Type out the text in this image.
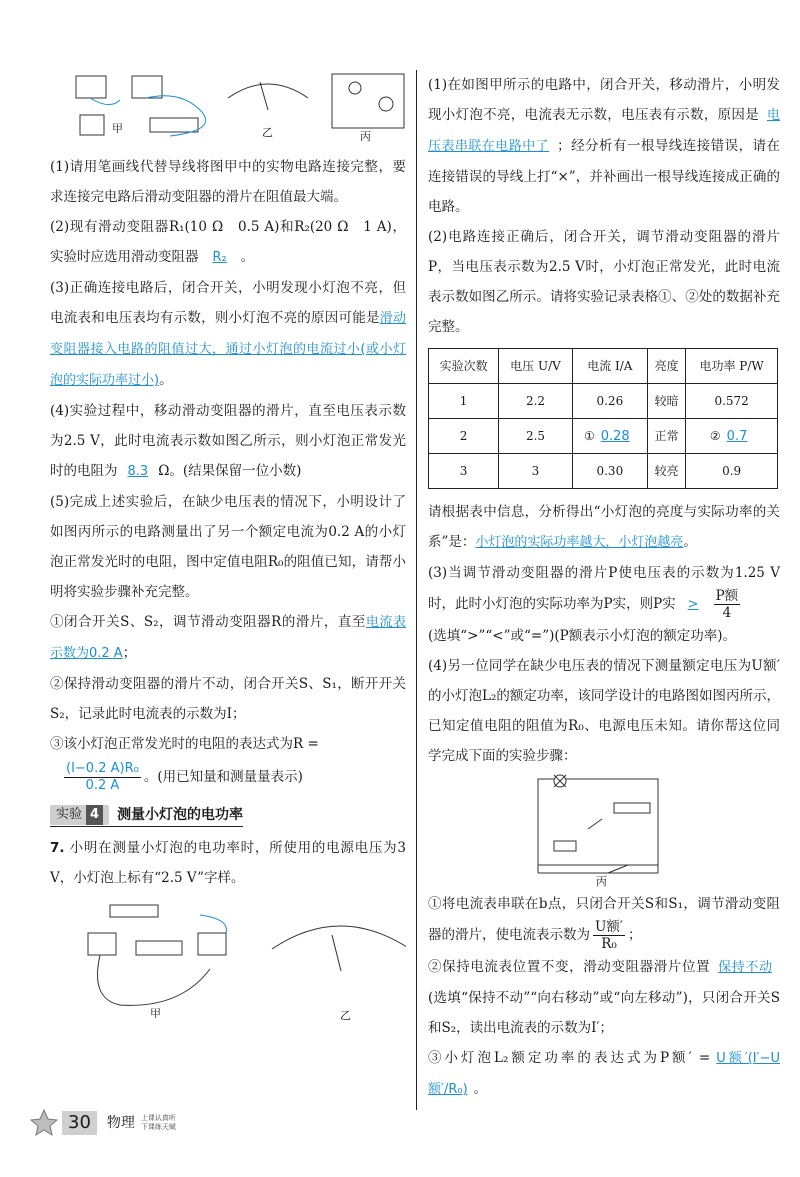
甲	乙	丙

(1)请用笔画线代替导线将图甲中的实物电路连接完整，要求连接完电路后滑动变阻器的滑片在阻值最大端。

(2)现有滑动变阻器R₁(10 Ω　0.5 A)和R₂(20 Ω　1 A)，实验时应选用滑动变阻器 R₂ 。

(3)正确连接电路后，闭合开关，小明发现小灯泡不亮，但电流表和电压表均有示数，则小灯泡不亮的原因可能是滑动变阻器接入电路的阻值过大，通过小灯泡的电流过小(或小灯泡的实际功率过小)。

(4)实验过程中，移动滑动变阻器的滑片，直至电压表示数为2.5 V，此时电流表示数如图乙所示，则小灯泡正常发光时的电阻为 8.3 Ω。(结果保留一位小数)

(5)完成上述实验后，在缺少电压表的情况下，小明设计了如图丙所示的电路测量出了另一个额定电流为0.2 A的小灯泡正常发光时的电阻，图中定值电阻R₀的阻值已知，请帮小明将实验步骤补充完整。

①闭合开关S、S₂，调节滑动变阻器R的滑片，直至电流表示数为0.2 A；

②保持滑动变阻器的滑片不动，闭合开关S、S₁，断开开关S₂，记录此时电流表的示数为I；

③该小灯泡正常发光时的电阻的表达式为R =

$\frac{\text{(I−0.2 A)R₀}}{0.2 A}$ 。(用已知量和测量量表示)

实验 4	测量小灯泡的电功率

7. 小明在测量小灯泡的电功率时，所使用的电源电压为3 V，小灯泡上标有“2.5 V”字样。

甲	乙

(1)在如图甲所示的电路中，闭合开关，移动滑片，小明发现小灯泡不亮，电流表无示数，电压表有示数，原因是 电压表串联在电路中了 ；经分析有一根导线连接错误，请在连接错误的导线上打“×”，并补画出一根导线连接成正确的电路。

(2)电路连接正确后，闭合开关，调节滑动变阻器的滑片P，当电压表示数为2.5 V时，小灯泡正常发光，此时电流表示数如图乙所示。请将实验记录表格①、②处的数据补充完整。

实验次数	电压 U/V	电流 I/A	亮度	电功率 P/W
1	2.2	0.26	较暗	0.572
2	2.5	① 0.28	正常	② 0.7
3	3	0.30	较亮	0.9

请根据表中信息，分析得出“小灯泡的亮度与实际功率的关系”是：小灯泡的实际功率越大，小灯泡越亮。

(3)当调节滑动变阻器的滑片P使电压表的示数为1.25 V时，此时小灯泡的实际功率为P实，则P实 > $\frac{\text{P额}}{4}$

(选填“>”“<”或“=”)(P额表示小灯泡的额定功率)。

(4)另一位同学在缺少电压表的情况下测量额定电压为U额′的小灯泡L₂的额定功率，该同学设计的电路图如图丙所示，已知定值电阻的阻值为R₀、电源电压未知。请你帮这位同学完成下面的实验步骤：

丙

①将电流表串联在b点，只闭合开关S和S₁，调节滑动变阻器的滑片，使电流表示数为 $\frac{\text{U额′}}{\text{R₀}}$ ；

②保持电流表位置不变，滑动变阻器滑片位置 保持不动(选填“保持不动”“向右移动”或“向左移动”)，只闭合开关S和S₂，读出电流表的示数为I′；

③小灯泡L₂额定功率的表达式为P额′ = U额′(I′−U额′/R₀) 。

30	物理 上课认真听
下课练天赋
